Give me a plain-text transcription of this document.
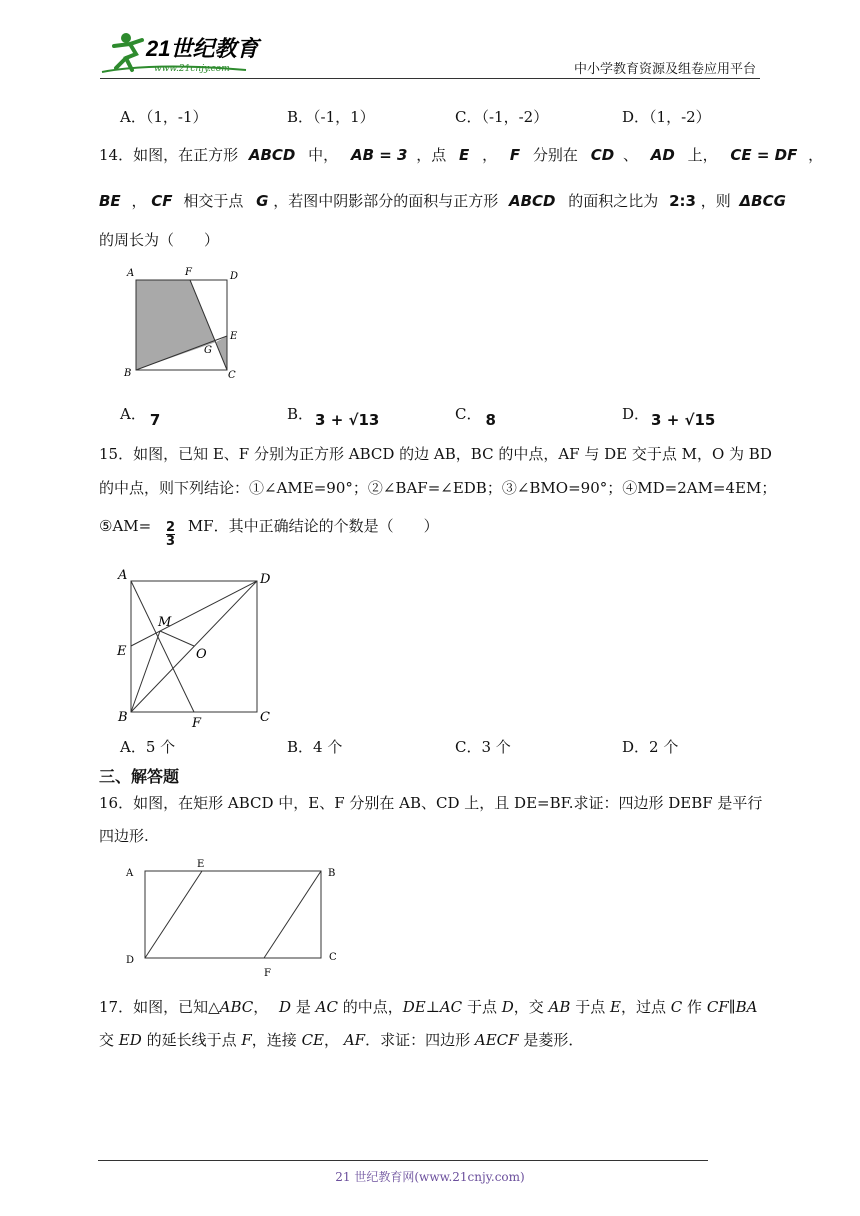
21世纪教育
www.21cnjy.com	中小学教育资源及组卷应用平台
A．（1，-1）	B．（-1，1）	C．（-1，-2）	D．（1，-2）
14．如图，在正方形 ABCD 中， AB = 3 ，点 E ， F 分别在 CD 、 AD 上， CE = DF ，
BE ， CF 相交于点 G ，若图中阴影部分的面积与正方形 ABCD 的面积之比为 2:3 ，则 ΔBCG
的周长为（　　）
A	F	D
E
G
B	C
A． 7	B． 3 + √13	C． 8	D． 3 + √15
15．如图，已知 E、F 分别为正方形 ABCD 的边 AB，BC 的中点，AF 与 DE 交于点 M，O 为 BD
的中点，则下列结论：①∠AME=90°；②∠BAF=∠EDB；③∠BMO=90°；④MD=2AM=4EM；
⑤AM= $\frac{2}{3}$ MF．其中正确结论的个数是（　　）
A	D
M
E	O
B	F	C
A．5 个	B．4 个	C．3 个	D．2 个
三、解答题
16．如图，在矩形 ABCD 中，E、F 分别在 AB、CD 上，且 DE=BF.求证：四边形 DEBF 是平行
四边形.
A
E
B
D
F
C
17．如图，已知△ABC， D 是 AC 的中点，DE⊥AC 于点 D，交 AB 于点 E，过点 C 作 CF∥BA
交 ED 的延长线于点 F，连接 CE， AF．求证：四边形 AECF 是菱形．
21 世纪教育网(www.21cnjy.com)
